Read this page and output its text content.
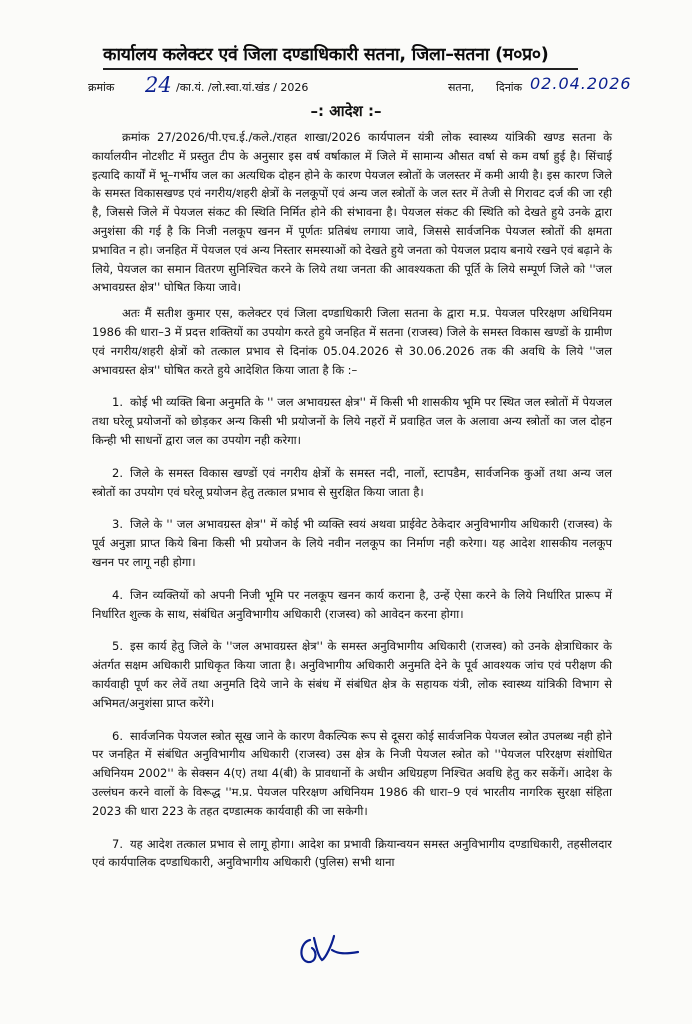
कार्यालय कलेक्टर एवं जिला दण्डाधिकारी सतना, जिला–सतना (म०प्र०)
क्रमांक 24 /का.यं. /लो.स्वा.यां.खंड / 2026	सतना, दिनांक 02.04.2026
–: आदेश :–

क्रमांक 27/2026/पी.एच.ई./कले./राहत शाखा/2026 कार्यपालन यंत्री लोक स्वास्थ्य यांत्रिकी खण्ड सतना के कार्यालयीन नोटशीट में प्रस्तुत टीप के अनुसार इस वर्ष वर्षाकाल में जिले में सामान्य औसत वर्षा से कम वर्षा हुई है। सिंचाई इत्यादि कार्यों में भू–गर्भीय जल का अत्यधिक दोहन होने के कारण पेयजल स्त्रोतों के जलस्तर में कमी आयी है। इस कारण जिले के समस्त विकासखण्ड एवं नगरीय/शहरी क्षेत्रों के नलकूपों एवं अन्य जल स्त्रोतों के जल स्तर में तेजी से गिरावट दर्ज की जा रही है, जिससे जिले में पेयजल संकट की स्थिति निर्मित होने की संभावना है। पेयजल संकट की स्थिति को देखते हुये उनके द्वारा अनुशंसा की गई है कि निजी नलकूप खनन में पूर्णतः प्रतिबंध लगाया जावे, जिससे सार्वजनिक पेयजल स्त्रोतों की क्षमता प्रभावित न हो। जनहित में पेयजल एवं अन्य निस्तार समस्याओं को देखते हुये जनता को पेयजल प्रदाय बनाये रखने एवं बढ़ाने के लिये, पेयजल का समान वितरण सुनिश्चित करने के लिये तथा जनता की आवश्यकता की पूर्ति के लिये सम्पूर्ण जिले को ''जल अभावग्रस्त क्षेत्र'' घोषित किया जावे।

अतः मैं सतीश कुमार एस, कलेक्टर एवं जिला दण्डाधिकारी जिला सतना के द्वारा म.प्र. पेयजल परिरक्षण अधिनियम 1986 की धारा–3 में प्रदत्त शक्तियों का उपयोग करते हुये जनहित में सतना (राजस्व) जिले के समस्त विकास खण्डों के ग्रामीण एवं नगरीय/शहरी क्षेत्रों को तत्काल प्रभाव से दिनांक 05.04.2026 से 30.06.2026 तक की अवधि के लिये ''जल अभावग्रस्त क्षेत्र'' घोषित करते हुये आदेशित किया जाता है कि :–

1. कोई भी व्यक्ति बिना अनुमति के '' जल अभावग्रस्त क्षेत्र'' में किसी भी शासकीय भूमि पर स्थित जल स्त्रोतों में पेयजल तथा घरेलू प्रयोजनों को छोड़कर अन्य किसी भी प्रयोजनों के लिये नहरों में प्रवाहित जल के अलावा अन्य स्त्रोतों का जल दोहन किन्ही भी साधनों द्वारा जल का उपयोग नही करेगा।

2. जिले के समस्त विकास खण्डों एवं नगरीय क्षेत्रों के समस्त नदी, नालों, स्टापडैम, सार्वजनिक कुओं तथा अन्य जल स्त्रोतों का उपयोग एवं घरेलू प्रयोजन हेतु तत्काल प्रभाव से सुरक्षित किया जाता है।

3. जिले के '' जल अभावग्रस्त क्षेत्र'' में कोई भी व्यक्ति स्वयं अथवा प्राईवेट ठेकेदार अनुविभागीय अधिकारी (राजस्व) के पूर्व अनुज्ञा प्राप्त किये बिना किसी भी प्रयोजन के लिये नवीन नलकूप का निर्माण नही करेगा। यह आदेश शासकीय नलकूप खनन पर लागू नही होगा।

4. जिन व्यक्तियों को अपनी निजी भूमि पर नलकूप खनन कार्य कराना है, उन्हें ऐसा करने के लिये निर्धारित प्रारूप में निर्धारित शुल्क के साथ, संबंधित अनुविभागीय अधिकारी (राजस्व) को आवेदन करना होगा।

5. इस कार्य हेतु जिले के ''जल अभावग्रस्त क्षेत्र'' के समस्त अनुविभागीय अधिकारी (राजस्व) को उनके क्षेत्राधिकार के अंतर्गत सक्षम अधिकारी प्राधिकृत किया जाता है। अनुविभागीय अधिकारी अनुमति देने के पूर्व आवश्यक जांच एवं परीक्षण की कार्यवाही पूर्ण कर लेवें तथा अनुमति दिये जाने के संबंध में संबंधित क्षेत्र के सहायक यंत्री, लोक स्वास्थ्य यांत्रिकी विभाग से अभिमत/अनुशंसा प्राप्त करेंगे।

6. सार्वजनिक पेयजल स्त्रोत सूख जाने के कारण वैकल्पिक रूप से दूसरा कोई सार्वजनिक पेयजल स्त्रोत उपलब्ध नही होने पर जनहित में संबंधित अनुविभागीय अधिकारी (राजस्व) उस क्षेत्र के निजी पेयजल स्त्रोत को ''पेयजल परिरक्षण संशोधित अधिनियम 2002'' के सेक्सन 4(ए) तथा 4(बी) के प्रावधानों के अधीन अधिग्रहण निश्चित अवधि हेतु कर सकेंगें। आदेश के उल्लंघन करने वालों के विरूद्ध ''म.प्र. पेयजल परिरक्षण अधिनियम 1986 की धारा–9 एवं भारतीय नागरिक सुरक्षा संहिता 2023 की धारा 223 के तहत दण्डात्मक कार्यवाही की जा सकेगी।

7. यह आदेश तत्काल प्रभाव से लागू होगा। आदेश का प्रभावी क्रियान्वयन समस्त अनुविभागीय दण्डाधिकारी, तहसीलदार एवं कार्यपालिक दण्डाधिकारी, अनुविभागीय अधिकारी (पुलिस) सभी थाना
